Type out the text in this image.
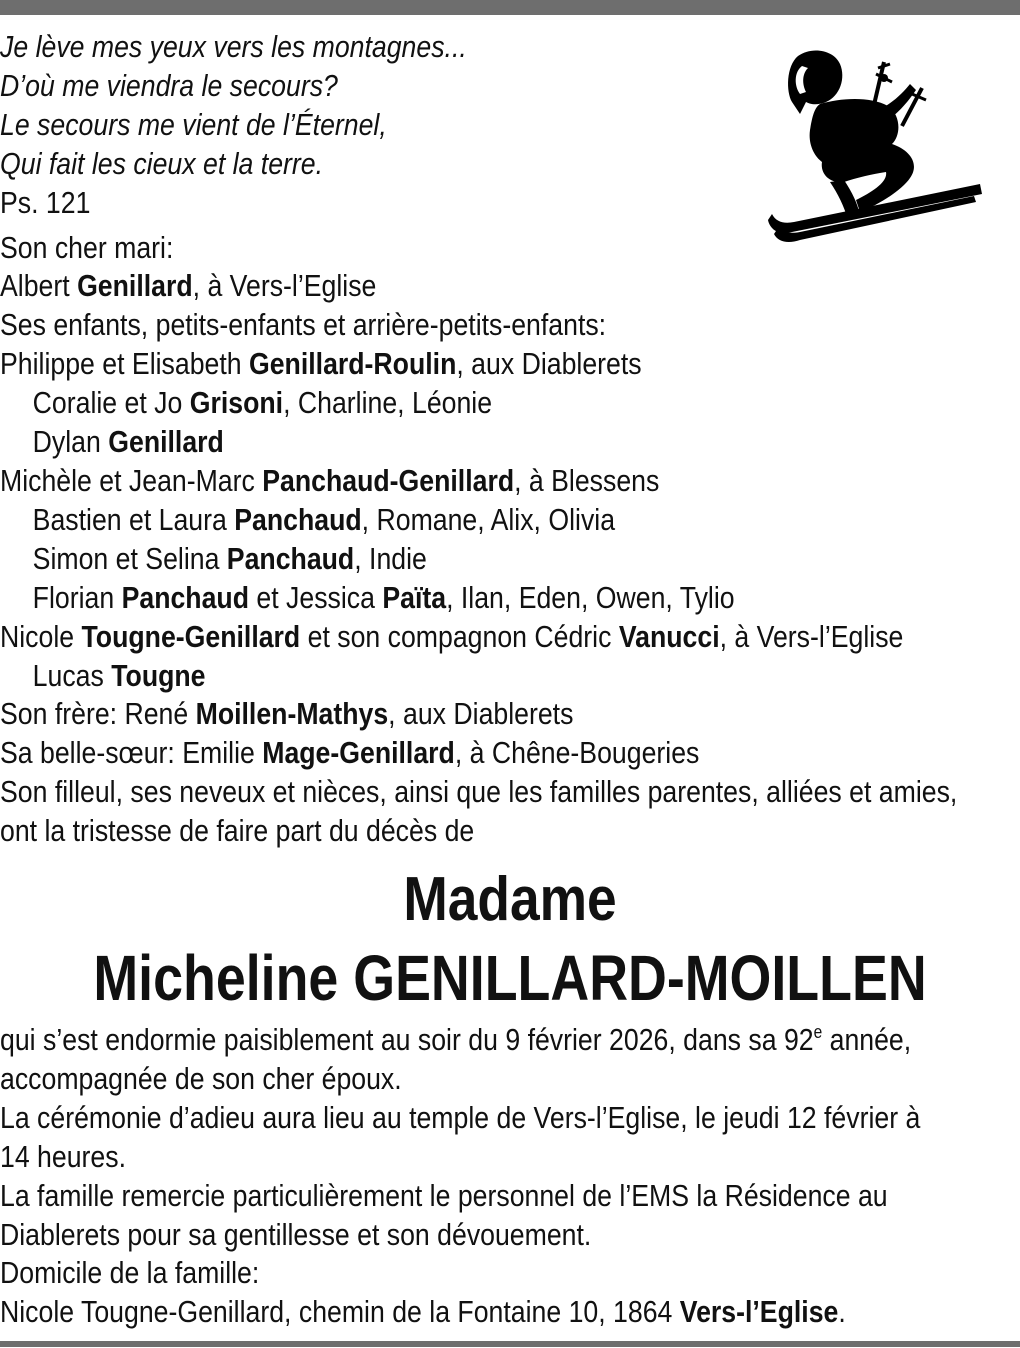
Je lève mes yeux vers les montagnes...
D’où me viendra le secours?
Le secours me vient de l’Éternel,
Qui fait les cieux et la terre.
Ps. 121
Son cher mari:
Albert Genillard, à Vers-l’Eglise
Ses enfants, petits-enfants et arrière-petits-enfants:
Philippe et Elisabeth Genillard-Roulin, aux Diablerets
Coralie et Jo Grisoni, Charline, Léonie
Dylan Genillard
Michèle et Jean-Marc Panchaud-Genillard, à Blessens
Bastien et Laura Panchaud, Romane, Alix, Olivia
Simon et Selina Panchaud, Indie
Florian Panchaud et Jessica Païta, Ilan, Eden, Owen, Tylio
Nicole Tougne-Genillard et son compagnon Cédric Vanucci, à Vers-l’Eglise
Lucas Tougne
Son frère: René Moillen-Mathys, aux Diablerets
Sa belle-sœur: Emilie Mage-Genillard, à Chêne-Bougeries
Son filleul, ses neveux et nièces, ainsi que les familles parentes, alliées et amies,
ont la tristesse de faire part du décès de
Madame
Micheline GENILLARD-MOILLEN
qui s’est endormie paisiblement au soir du 9 février 2026, dans sa 92e année,
accompagnée de son cher époux.
La cérémonie d’adieu aura lieu au temple de Vers-l’Eglise, le jeudi 12 février à
14 heures.
La famille remercie particulièrement le personnel de l’EMS la Résidence au
Diablerets pour sa gentillesse et son dévouement.
Domicile de la famille:
Nicole Tougne-Genillard, chemin de la Fontaine 10, 1864 Vers-l’Eglise.
